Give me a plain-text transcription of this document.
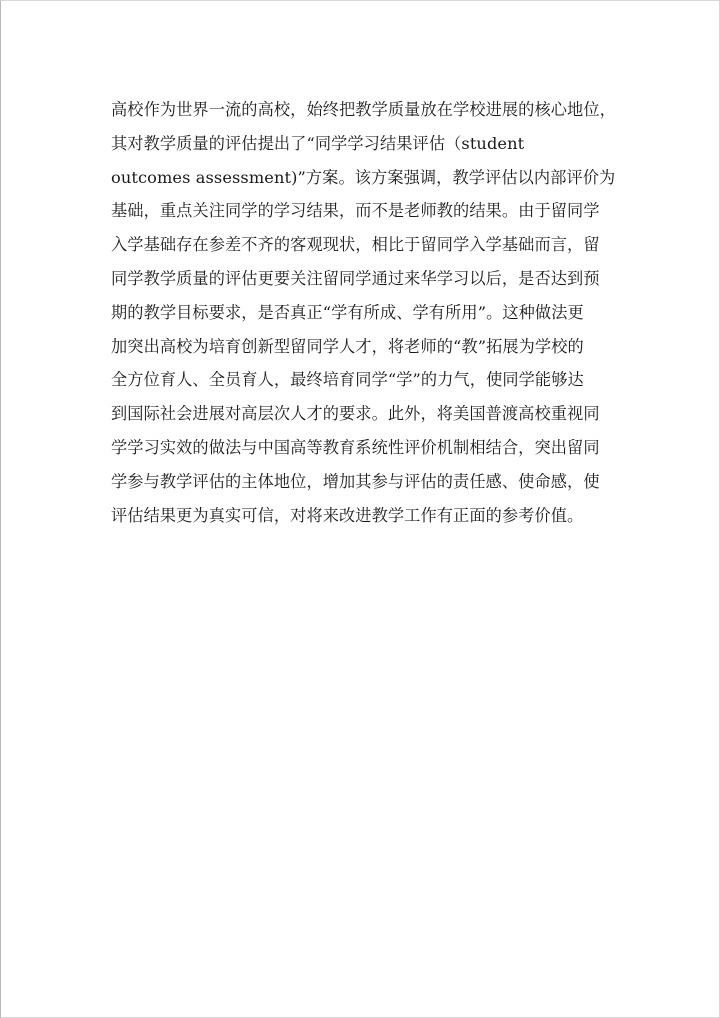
高校作为世界一流的高校，始终把教学质量放在学校进展的核心地位，
其对教学质量的评估提出了“同学学习结果评估（student
outcomes assessment)”方案。该方案强调，教学评估以内部评价为
基础，重点关注同学的学习结果，而不是老师教的结果。由于留同学
入学基础存在参差不齐的客观现状，相比于留同学入学基础而言，留
同学教学质量的评估更要关注留同学通过来华学习以后，是否达到预
期的教学目标要求，是否真正“学有所成、学有所用”。这种做法更
加突出高校为培育创新型留同学人才，将老师的“教”拓展为学校的
全方位育人、全员育人，最终培育同学“学”的力气，使同学能够达
到国际社会进展对高层次人才的要求。此外，将美国普渡高校重视同
学学习实效的做法与中国高等教育系统性评价机制相结合，突出留同
学参与教学评估的主体地位，增加其参与评估的责任感、使命感，使
评估结果更为真实可信，对将来改进教学工作有正面的参考价值。
